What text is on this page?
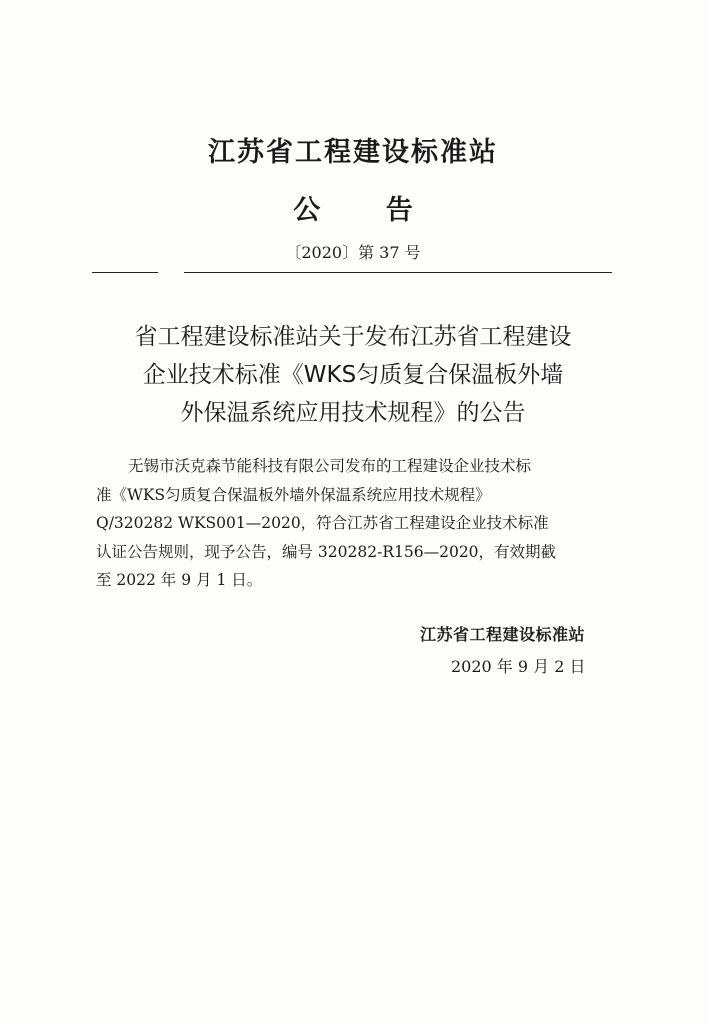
江苏省工程建设标准站
公 告
〔2020〕第 37 号
省工程建设标准站关于发布江苏省工程建设
企业技术标准《WKS匀质复合保温板外墙
外保温系统应用技术规程》的公告
无锡市沃克森节能科技有限公司发布的工程建设企业技术标
准《WKS匀质复合保温板外墙外保温系统应用技术规程》
Q/320282 WKS001—2020，符合江苏省工程建设企业技术标准
认证公告规则，现予公告，编号 320282-R156—2020，有效期截
至 2022 年 9 月 1 日。
江苏省工程建设标准站
2020 年 9 月 2 日
